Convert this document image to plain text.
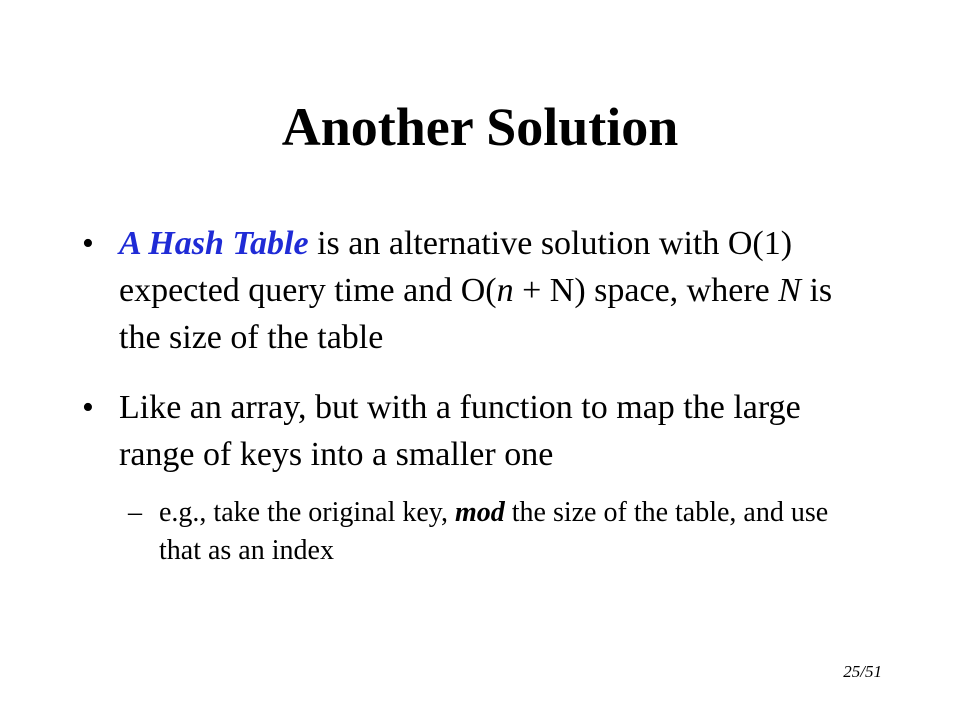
Another Solution
• A Hash Table is an alternative solution with O(1) expected query time and O(n + N) space, where N is the size of the table
• Like an array, but with a function to map the large range of keys into a smaller one
– e.g., take the original key, mod the size of the table, and use that as an index
25/51
